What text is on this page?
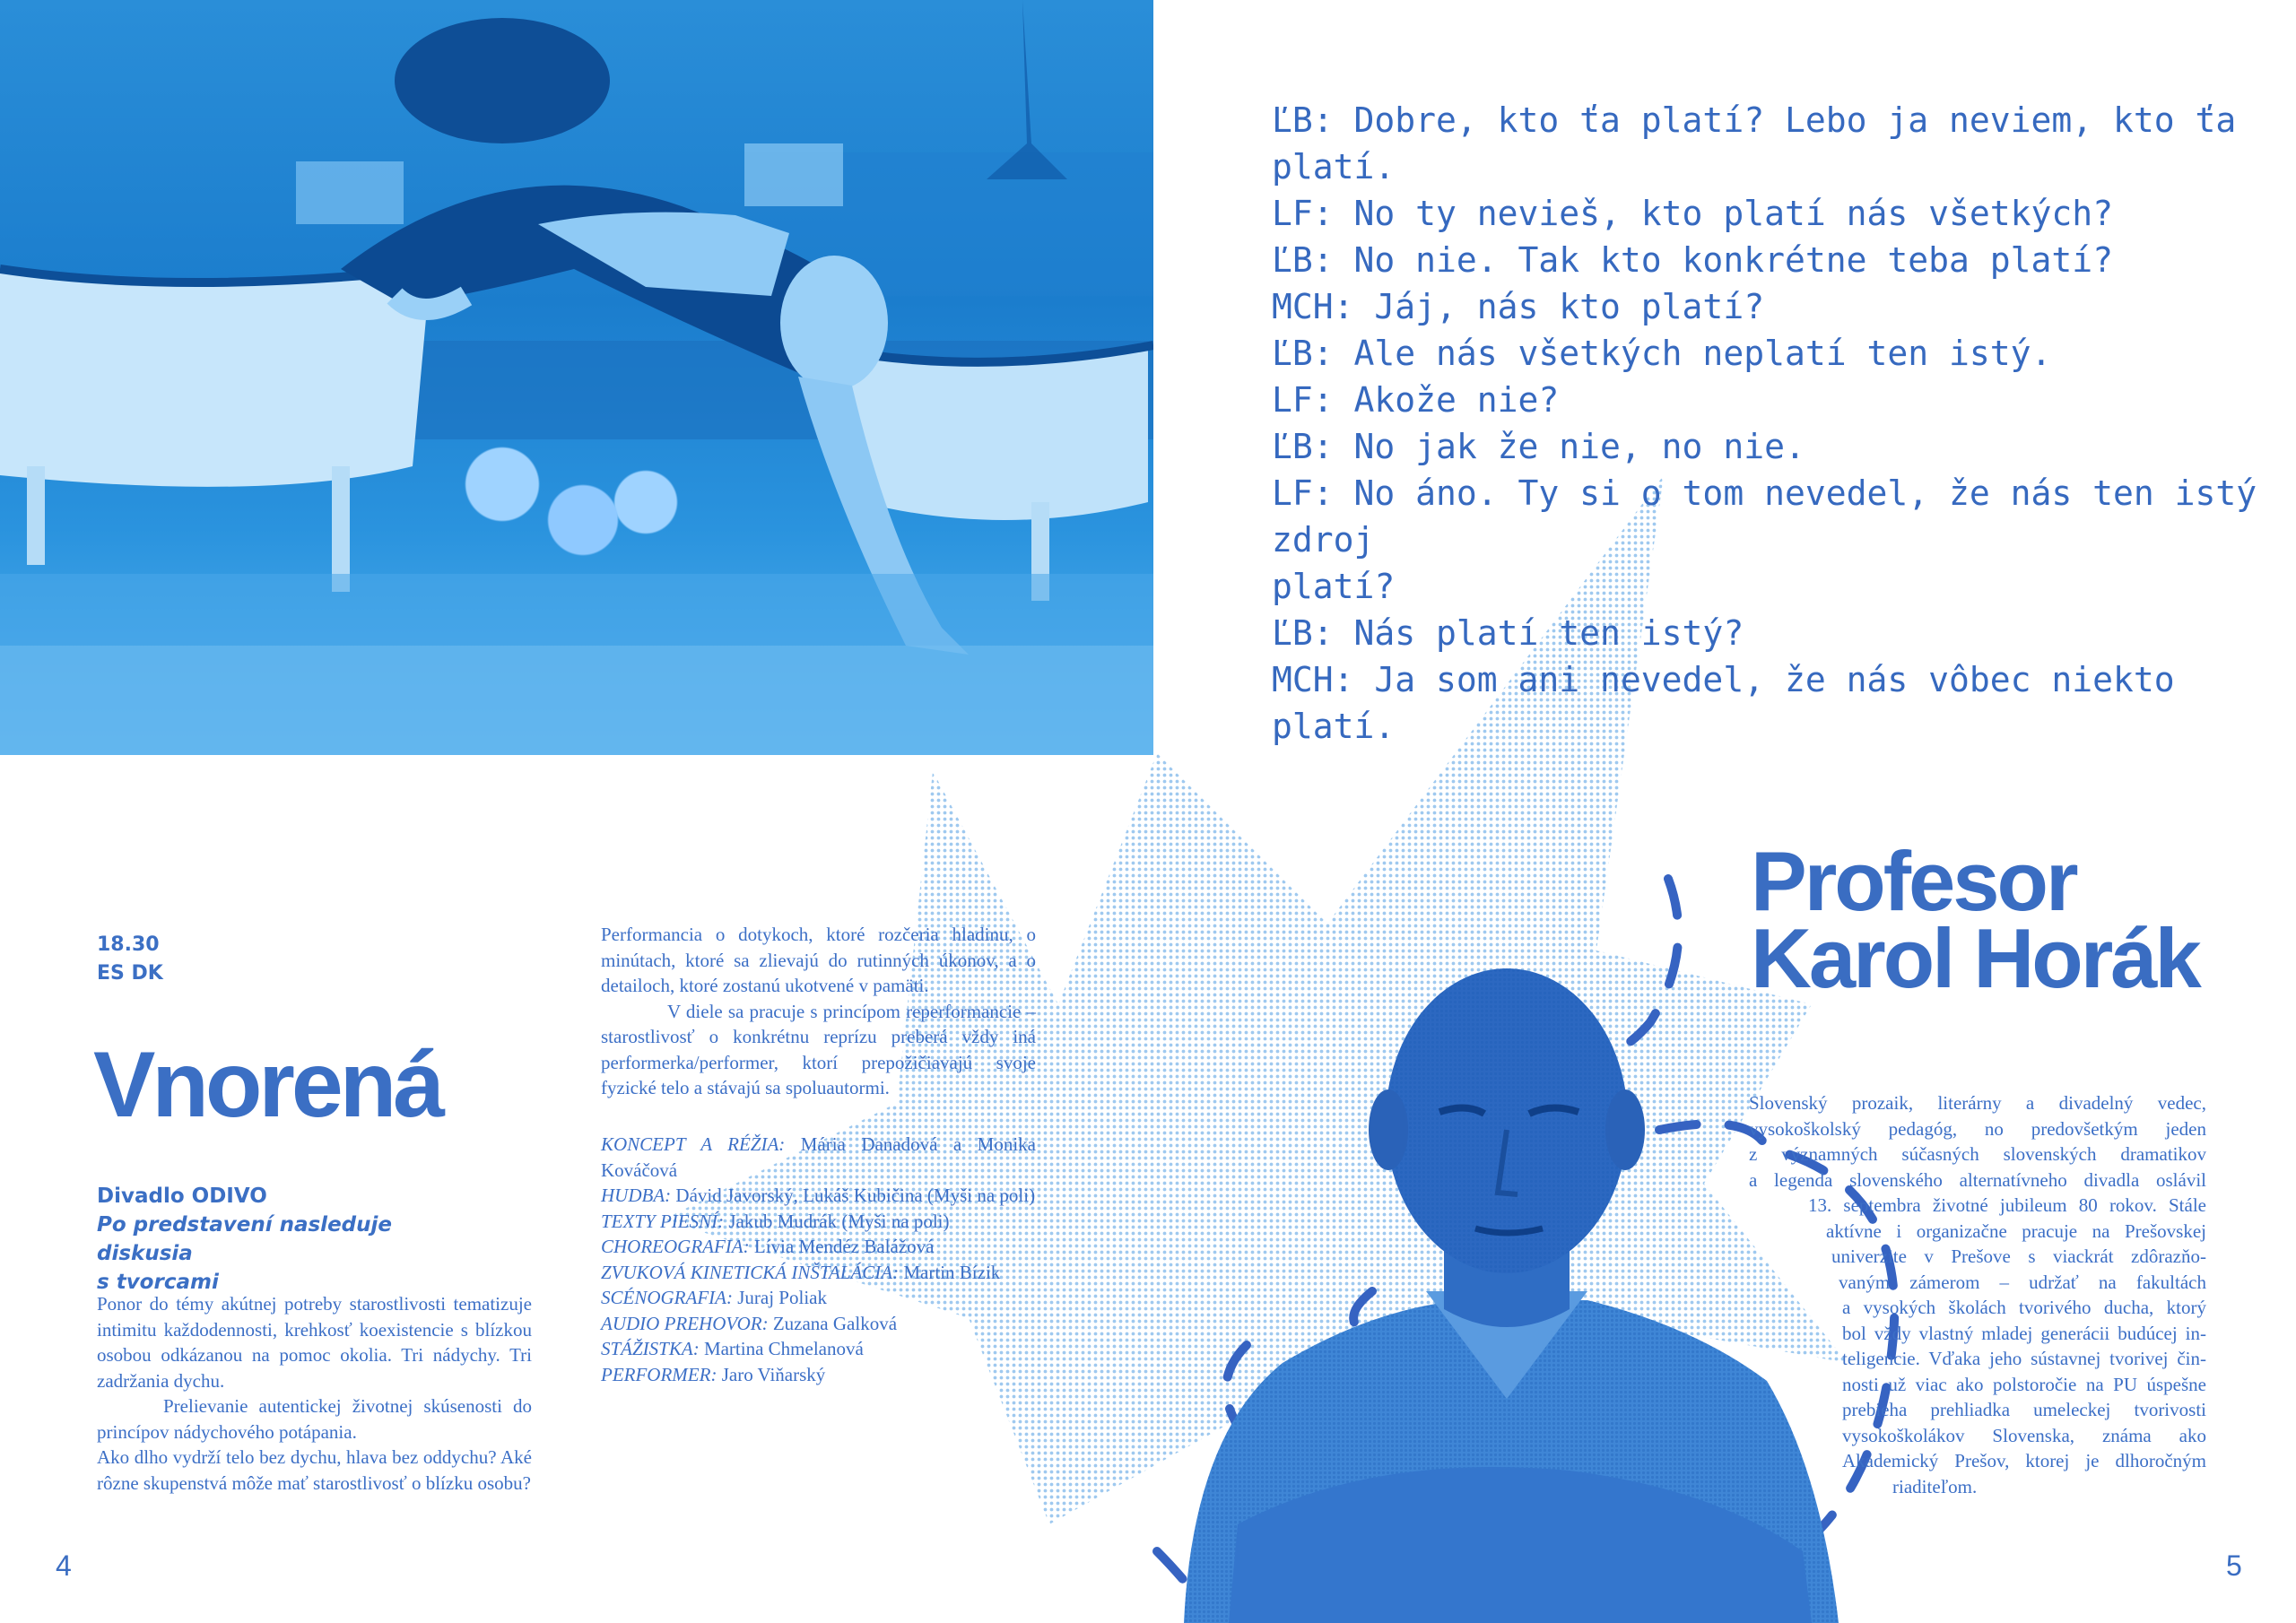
ĽB: Dobre, kto ťa platí? Lebo ja neviem, kto ťa platí.

LF: No ty nevieš, kto platí nás všetkých?

ĽB: No nie. Tak kto konkrétne teba platí?

MCH: Jáj, nás kto platí?

ĽB: Ale nás všetkých neplatí ten istý.

LF: Akože nie?

ĽB: No jak že nie, no nie.

LF: No áno. Ty si o tom nevedel, že nás ten istý zdroj

platí?

ĽB: Nás platí ten istý?

MCH: Ja som ani nevedel, že nás vôbec niekto platí.

18.30
ES DK
Vnorená
Divadlo ODIVO
Po predstavení nasleduje diskusia
s tvorcami

Ponor do témy akútnej potreby starostlivosti tematizuje intimitu každodennosti, krehkosť koexistencie s blízkou osobou odkázanou na pomoc okolia. Tri nádychy. Tri zadržania dychu.

Prelievanie autentickej životnej skúsenosti do princípov nádychového potápania.

Ako dlho vydrží telo bez dychu, hlava bez oddychu? Aké rôzne skupenstvá môže mať starostlivosť o blízku osobu?

Performancia o dotykoch, ktoré rozčeria hladinu, o minútach, ktoré sa zlievajú do rutinných úkonov, a o detailoch, ktoré zostanú ukotvené v pamäti.

V diele sa pracuje s princípom reperformancie – starostlivosť o konkrétnu reprízu preberá vždy iná performerka/performer, ktorí prepožičiavajú svoje fyzické telo a stávajú sa spoluautormi.

KONCEPT A RÉŽIA: Mária Danadová a Monika Kováčová

HUDBA: Dávid Javorský, Lukáš Kubičina (Myši na poli)

TEXTY PIESNÍ: Jakub Mudrák (Myši na poli)

CHOREOGRAFIA: Lívia Mendéz Balážová

ZVUKOVÁ KINETICKÁ INŠTALÁCIA: Martin Bízik

SCÉNOGRAFIA: Juraj Poliak

AUDIO PREHOVOR: Zuzana Galková

STÁŽISTKA: Martina Chmelanová

PERFORMER: Jaro Viňarský

Profesor
Karol Horák
Slovenský prozaik, literárny a divadelný vedec,
vysokoškolský pedagóg, no predovšetkým jeden
z významných súčasných slovenských dramatikov
a legenda slovenského alternatívneho divadla oslávil
13. septembra životné jubileum 80 rokov. Stále
aktívne i organizačne pracuje na Prešovskej
univerzite v Prešove s viackrát zdôrazňo-
vaným zámerom – udržať na fakultách
a vysokých školách tvorivého ducha, ktorý
bol vždy vlastný mladej generácii budúcej in-
teligencie. Vďaka jeho sústavnej tvorivej čin-
nosti už viac ako polstoročie na PU úspešne
prebieha prehliadka umeleckej tvorivosti
vysokoškolákov Slovenska, známa ako
Akademický Prešov, ktorej je dlhoročným
riaditeľom.
4	5
